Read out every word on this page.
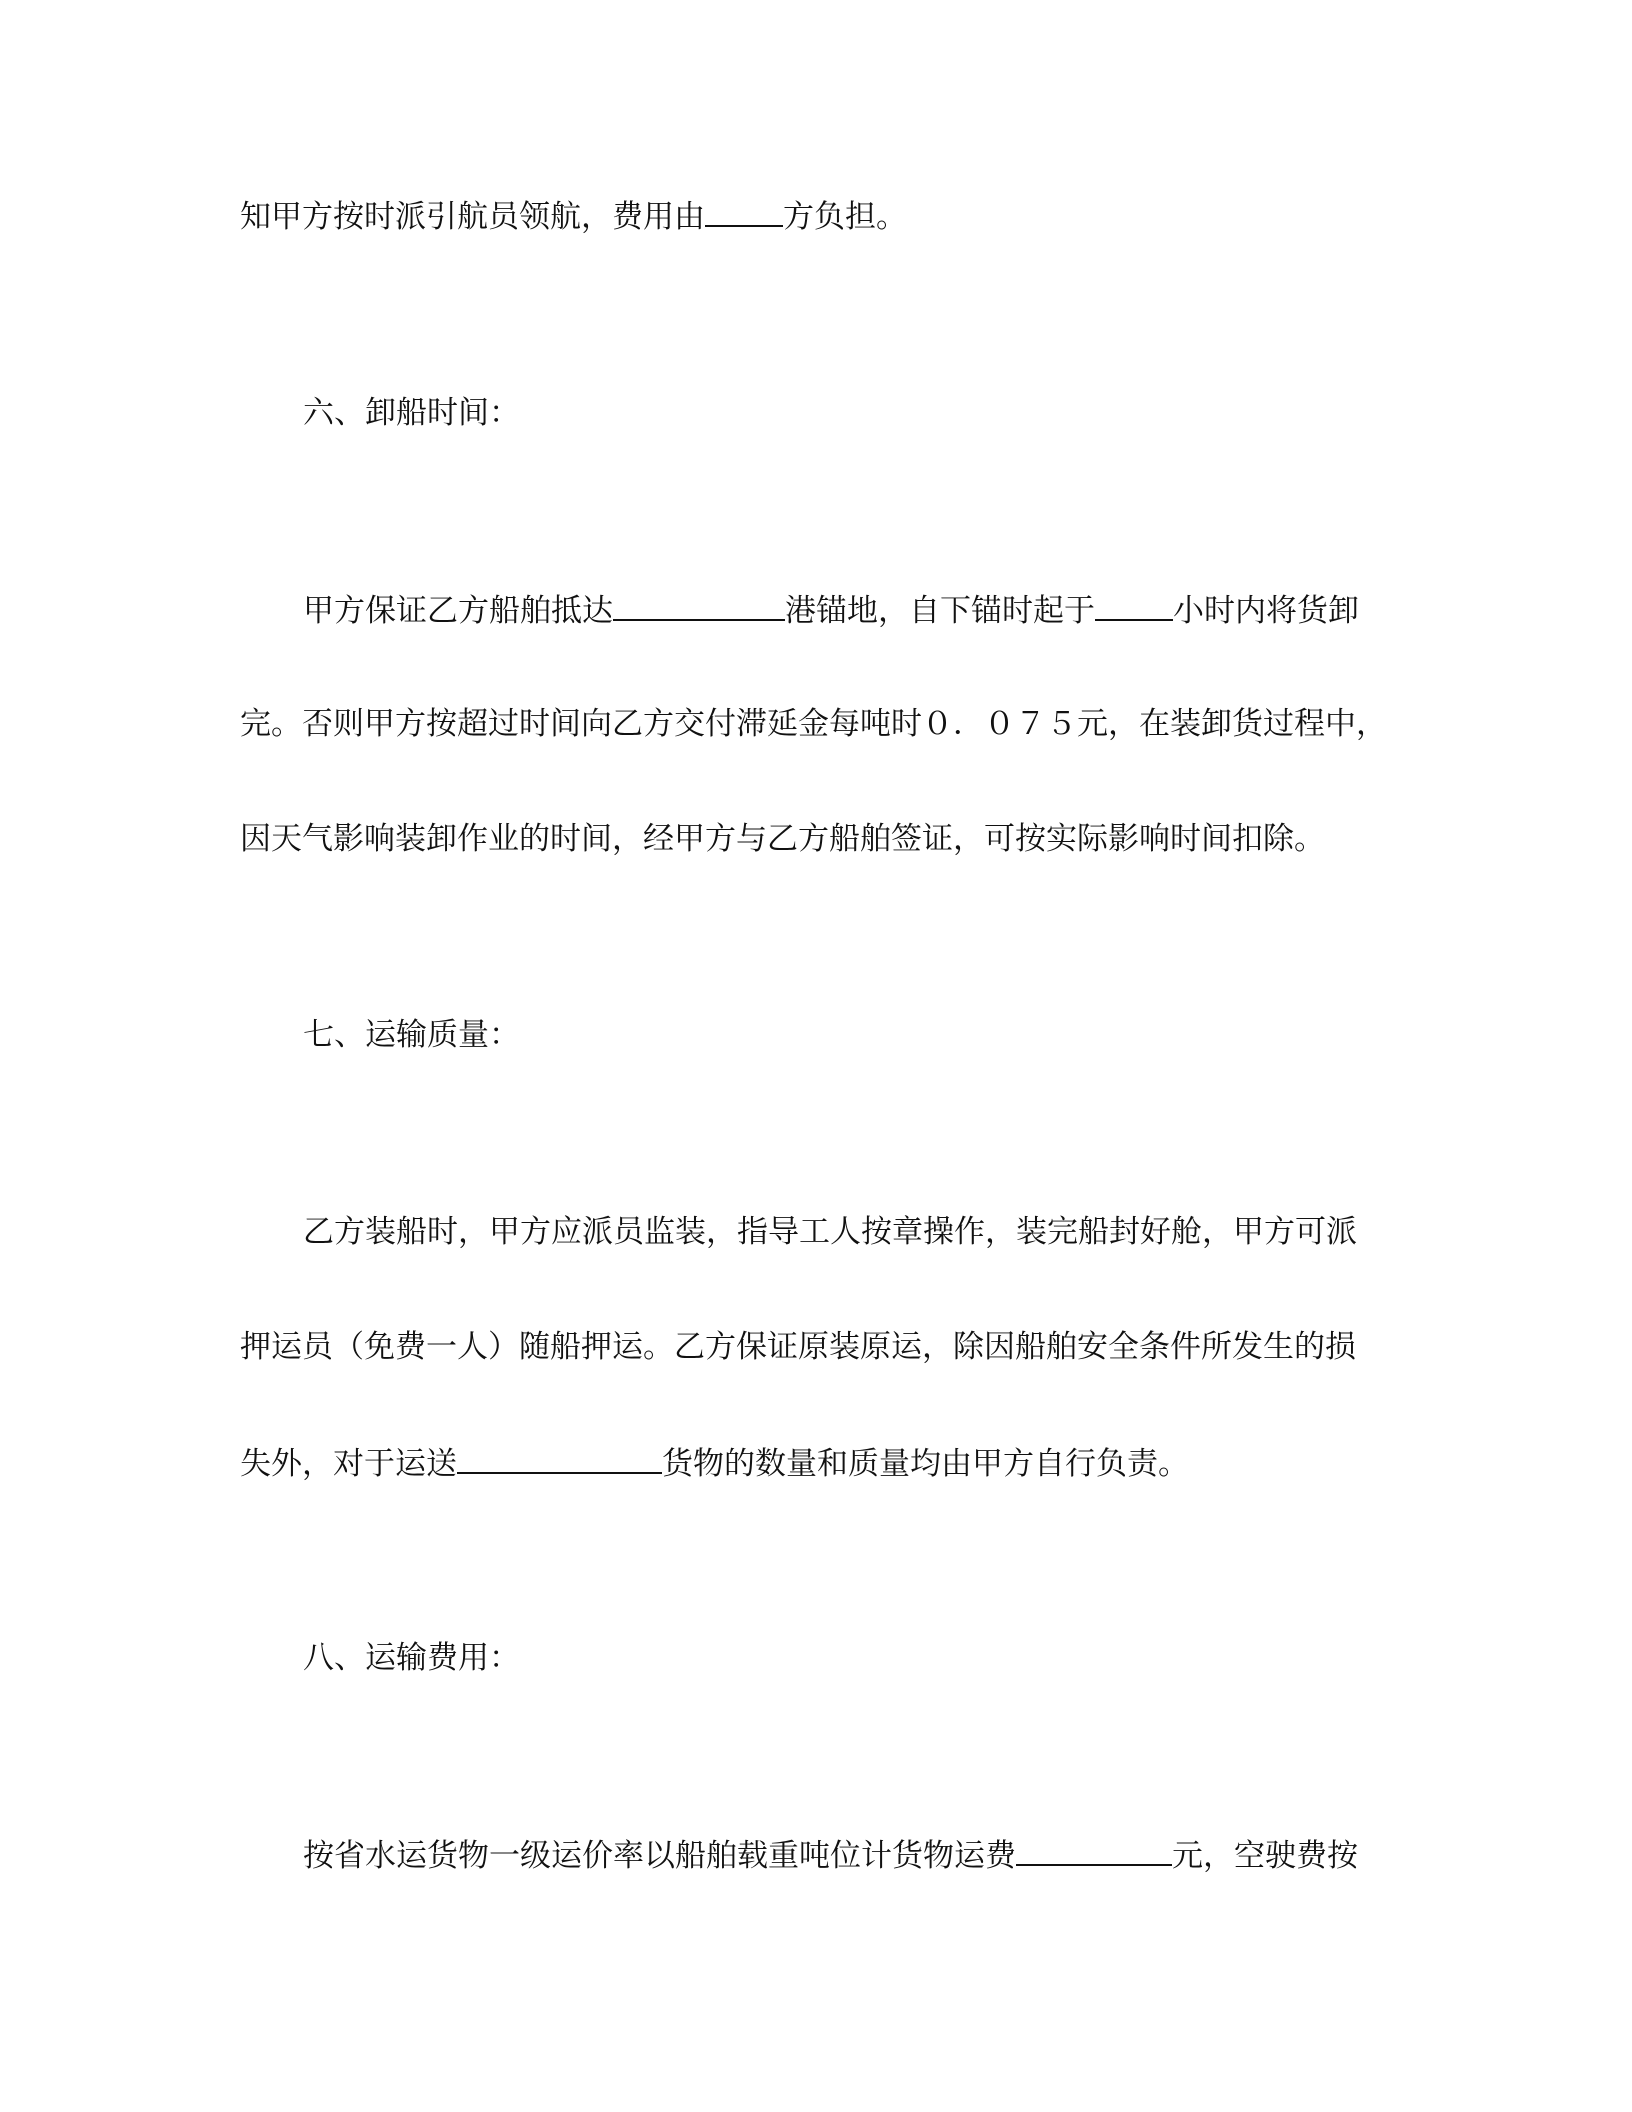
知甲方按时派引航员领航，费用由	方负担。
六、卸船时间：
甲方保证乙方船舶抵达	港锚地，自下锚时起于	小时内将货卸
完。否则甲方按超过时间向乙方交付滞延金每吨时０．０７５元，在装卸货过程中，
因天气影响装卸作业的时间，经甲方与乙方船舶签证，可按实际影响时间扣除。
七、运输质量：
乙方装船时，甲方应派员监装，指导工人按章操作，装完船封好舱，甲方可派
押运员（免费一人）随船押运。乙方保证原装原运，除因船舶安全条件所发生的损
失外，对于运送	货物的数量和质量均由甲方自行负责。
八、运输费用：
按省水运货物一级运价率以船舶载重吨位计货物运费	元，空驶费按
